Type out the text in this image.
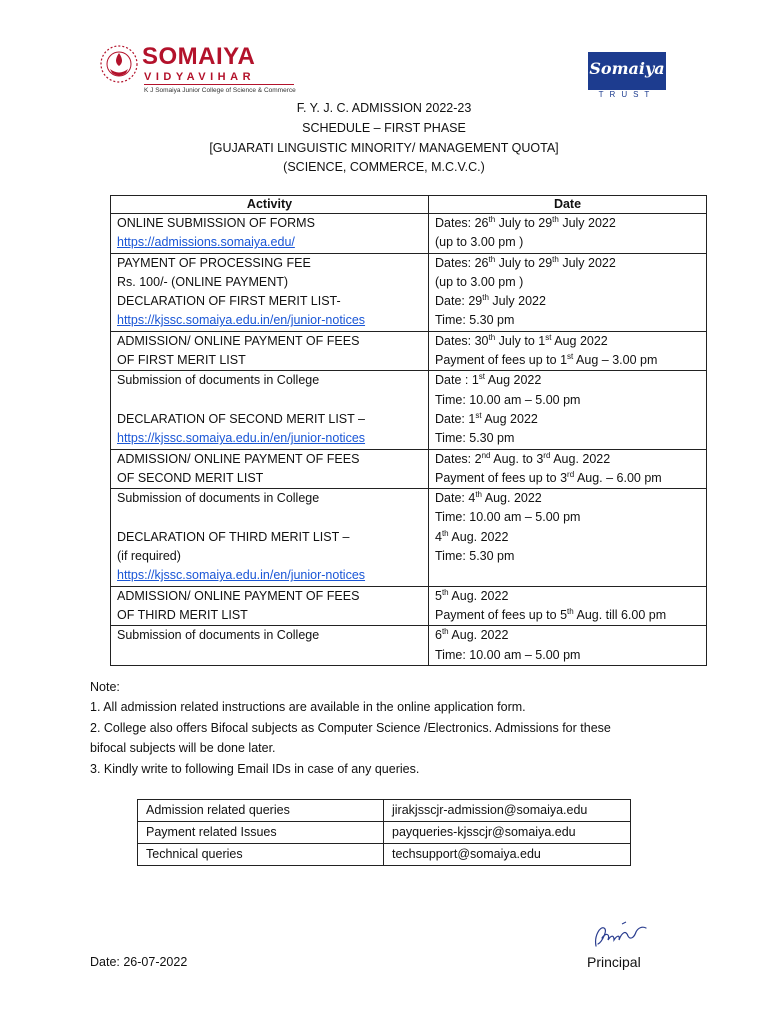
SOMAIYA
VIDYAVIHAR
K J Somaiya Junior College of Science & Commerce
Somaiya
TRUST
F. Y. J. C. ADMISSION 2022-23
SCHEDULE – FIRST PHASE
[GUJARATI LINGUISTIC MINORITY/ MANAGEMENT QUOTA]
(SCIENCE, COMMERCE, M.C.V.C.)
Activity	Date

ONLINE SUBMISSION OF FORMS
https://admissions.somaiya.edu/	Dates: 26th July to 29th July 2022
(up to 3.00 pm )

PAYMENT OF PROCESSING FEE
Rs. 100/- (ONLINE PAYMENT)
DECLARATION OF FIRST MERIT LIST-
https://kjssc.somaiya.edu.in/en/junior-notices	Dates: 26th July to 29th July 2022
(up to 3.00 pm )
Date: 29th July 2022
Time: 5.30 pm

ADMISSION/ ONLINE PAYMENT OF FEES
OF FIRST MERIT LIST	Dates: 30th July to 1st Aug 2022
Payment of fees up to 1st Aug – 3.00 pm

Submission of documents in College

DECLARATION OF SECOND MERIT LIST –
https://kjssc.somaiya.edu.in/en/junior-notices	Date : 1st Aug 2022
Time: 10.00 am – 5.00 pm
Date: 1st Aug 2022
Time: 5.30 pm

ADMISSION/ ONLINE PAYMENT OF FEES
OF SECOND MERIT LIST	Dates: 2nd Aug. to 3rd Aug. 2022
Payment of fees up to 3rd Aug. – 6.00 pm

Submission of documents in College

DECLARATION OF THIRD MERIT LIST –
(if required)
https://kjssc.somaiya.edu.in/en/junior-notices	Date: 4th Aug. 2022
Time: 10.00 am – 5.00 pm
4th Aug. 2022
Time: 5.30 pm

ADMISSION/ ONLINE PAYMENT OF FEES
OF THIRD MERIT LIST	5th Aug. 2022
Payment of fees up to 5th Aug. till 6.00 pm

Submission of documents in College	6th Aug. 2022
Time: 10.00 am – 5.00 pm
Note:
1. All admission related instructions are available in the online application form.
2. College also offers Bifocal subjects as Computer Science /Electronics. Admissions for these
bifocal subjects will be done later.
3. Kindly write to following Email IDs in case of any queries.
Admission related queries	jirakjsscjr-admission@somaiya.edu
Payment related Issues	payqueries-kjsscjr@somaiya.edu
Technical queries	techsupport@somaiya.edu
Date: 26-07-2022	Principal
